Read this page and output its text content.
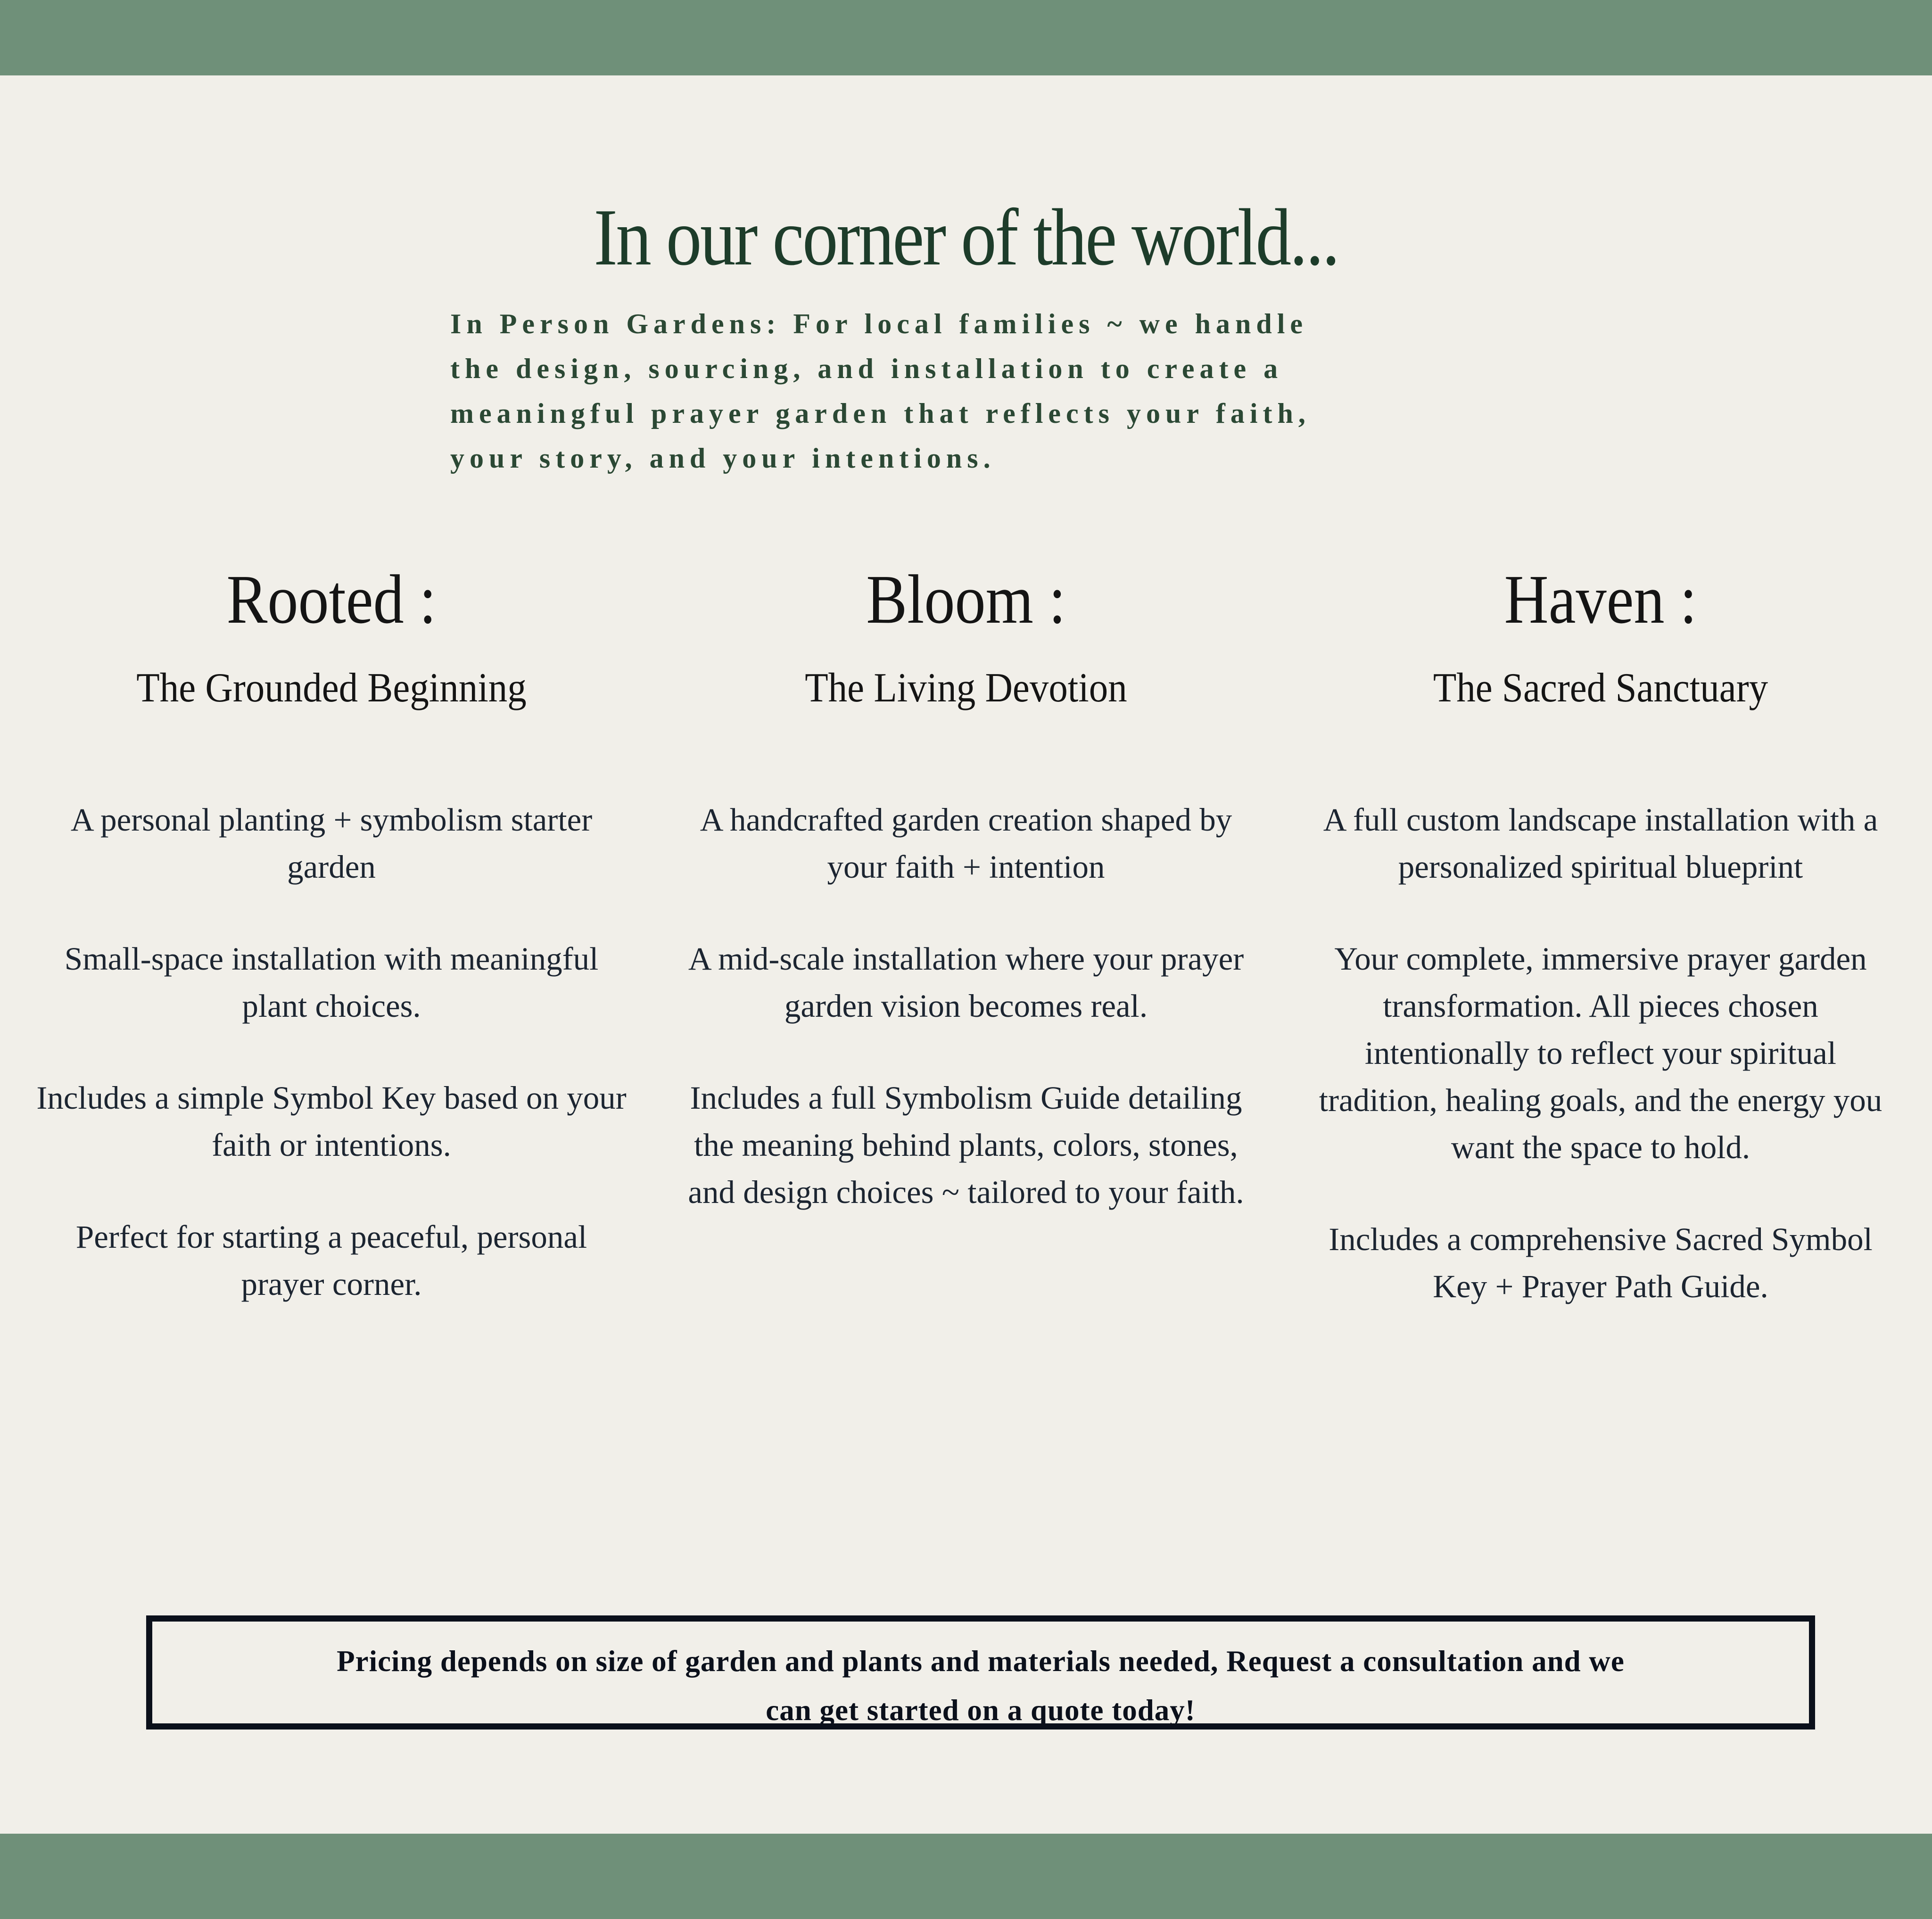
In our corner of the world...
In Person Gardens: For local families ~ we handle
the design, sourcing, and installation to create a
meaningful prayer garden that reflects your faith,
your story, and your intentions.
Rooted :
The Grounded Beginning
A personal planting + symbolism starter garden
Small-space installation with meaningful plant choices.
Includes a simple Symbol Key based on your faith or intentions.
Perfect for starting a peaceful, personal prayer corner.
Bloom :
The Living Devotion
A handcrafted garden creation shaped by your faith + intention
A mid-scale installation where your prayer garden vision becomes real.
Includes a full Symbolism Guide detailing the meaning behind plants, colors, stones, and design choices ~ tailored to your faith.
Haven :
The Sacred Sanctuary
A full custom landscape installation with a personalized spiritual blueprint
Your complete, immersive prayer garden transformation. All pieces chosen intentionally to reflect your spiritual tradition, healing goals, and the energy you want the space to hold.
Includes a comprehensive Sacred Symbol Key + Prayer Path Guide.
Pricing depends on size of garden and plants and materials needed, Request a consultation and we
can get started on a quote today!
